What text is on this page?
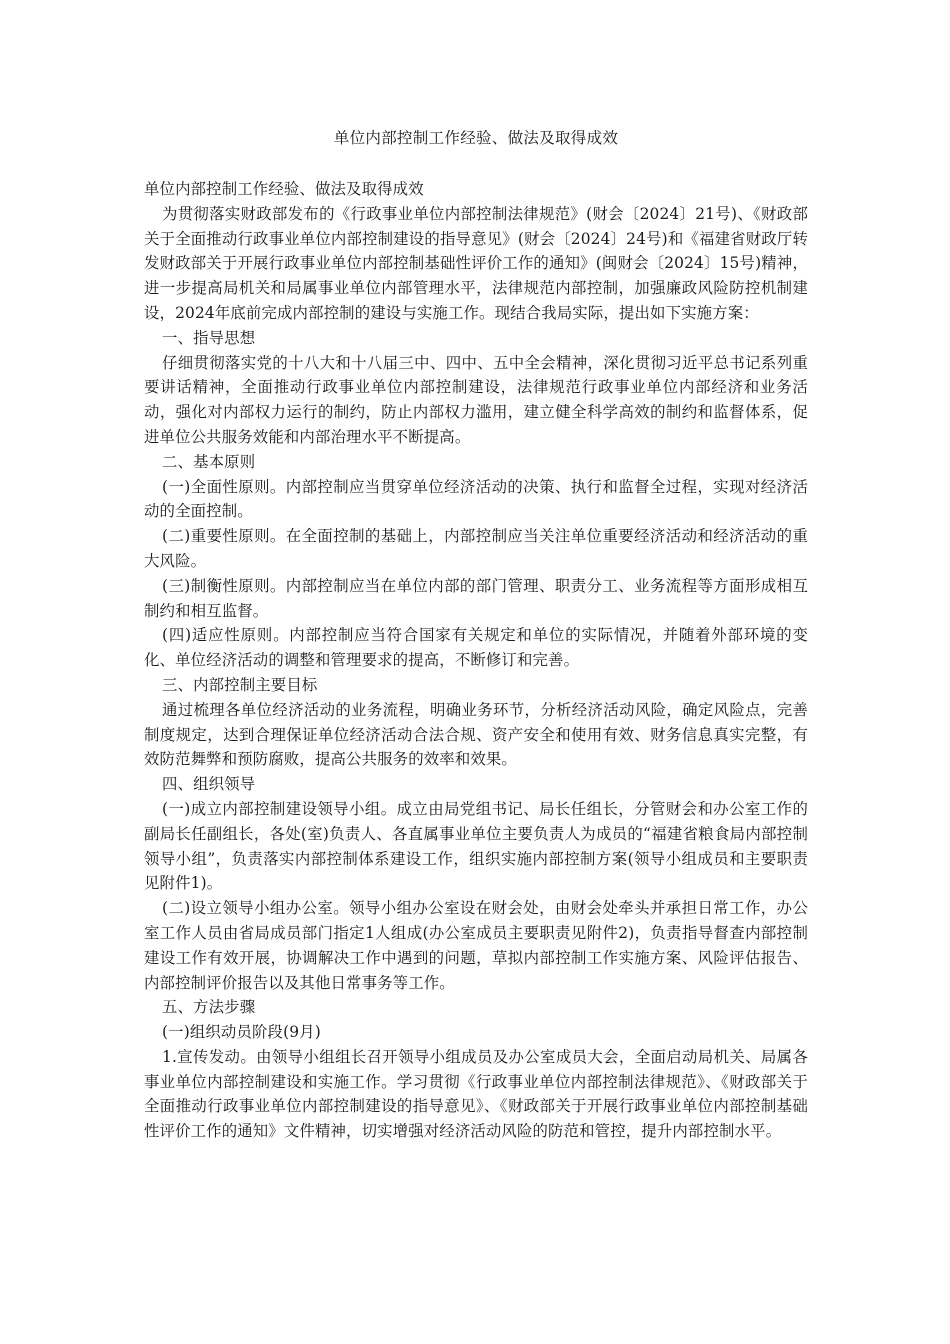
单位内部控制工作经验、做法及取得成效

单位内部控制工作经验、做法及取得成效

为贯彻落实财政部发布的《行政事业单位内部控制法律规范》(财会〔2024〕21号)、《财政部关于全面推动行政事业单位内部控制建设的指导意见》(财会〔2024〕24号)和《福建省财政厅转发财政部关于开展行政事业单位内部控制基础性评价工作的通知》(闽财会〔2024〕15号)精神，进一步提高局机关和局属事业单位内部管理水平，法律规范内部控制，加强廉政风险防控机制建设，2024年底前完成内部控制的建设与实施工作。现结合我局实际，提出如下实施方案：

一、指导思想

仔细贯彻落实党的十八大和十八届三中、四中、五中全会精神，深化贯彻习近平总书记系列重要讲话精神，全面推动行政事业单位内部控制建设，法律规范行政事业单位内部经济和业务活动，强化对内部权力运行的制约，防止内部权力滥用，建立健全科学高效的制约和监督体系，促进单位公共服务效能和内部治理水平不断提高。

二、基本原则

(一)全面性原则。内部控制应当贯穿单位经济活动的决策、执行和监督全过程，实现对经济活动的全面控制。

(二)重要性原则。在全面控制的基础上，内部控制应当关注单位重要经济活动和经济活动的重大风险。

(三)制衡性原则。内部控制应当在单位内部的部门管理、职责分工、业务流程等方面形成相互制约和相互监督。

(四)适应性原则。内部控制应当符合国家有关规定和单位的实际情况，并随着外部环境的变化、单位经济活动的调整和管理要求的提高，不断修订和完善。

三、内部控制主要目标

通过梳理各单位经济活动的业务流程，明确业务环节，分析经济活动风险，确定风险点，完善制度规定，达到合理保证单位经济活动合法合规、资产安全和使用有效、财务信息真实完整，有效防范舞弊和预防腐败，提高公共服务的效率和效果。

四、组织领导

(一)成立内部控制建设领导小组。成立由局党组书记、局长任组长，分管财会和办公室工作的副局长任副组长，各处(室)负责人、各直属事业单位主要负责人为成员的“福建省粮食局内部控制领导小组”，负责落实内部控制体系建设工作，组织实施内部控制方案(领导小组成员和主要职责见附件1)。

(二)设立领导小组办公室。领导小组办公室设在财会处，由财会处牵头并承担日常工作，办公室工作人员由省局成员部门指定1人组成(办公室成员主要职责见附件2)，负责指导督查内部控制建设工作有效开展，协调解决工作中遇到的问题，草拟内部控制工作实施方案、风险评估报告、内部控制评价报告以及其他日常事务等工作。

五、方法步骤

(一)组织动员阶段(9月)

1.宣传发动。由领导小组组长召开领导小组成员及办公室成员大会，全面启动局机关、局属各事业单位内部控制建设和实施工作。学习贯彻《行政事业单位内部控制法律规范》、《财政部关于全面推动行政事业单位内部控制建设的指导意见》、《财政部关于开展行政事业单位内部控制基础性评价工作的通知》文件精神，切实增强对经济活动风险的防范和管控，提升内部控制水平。
